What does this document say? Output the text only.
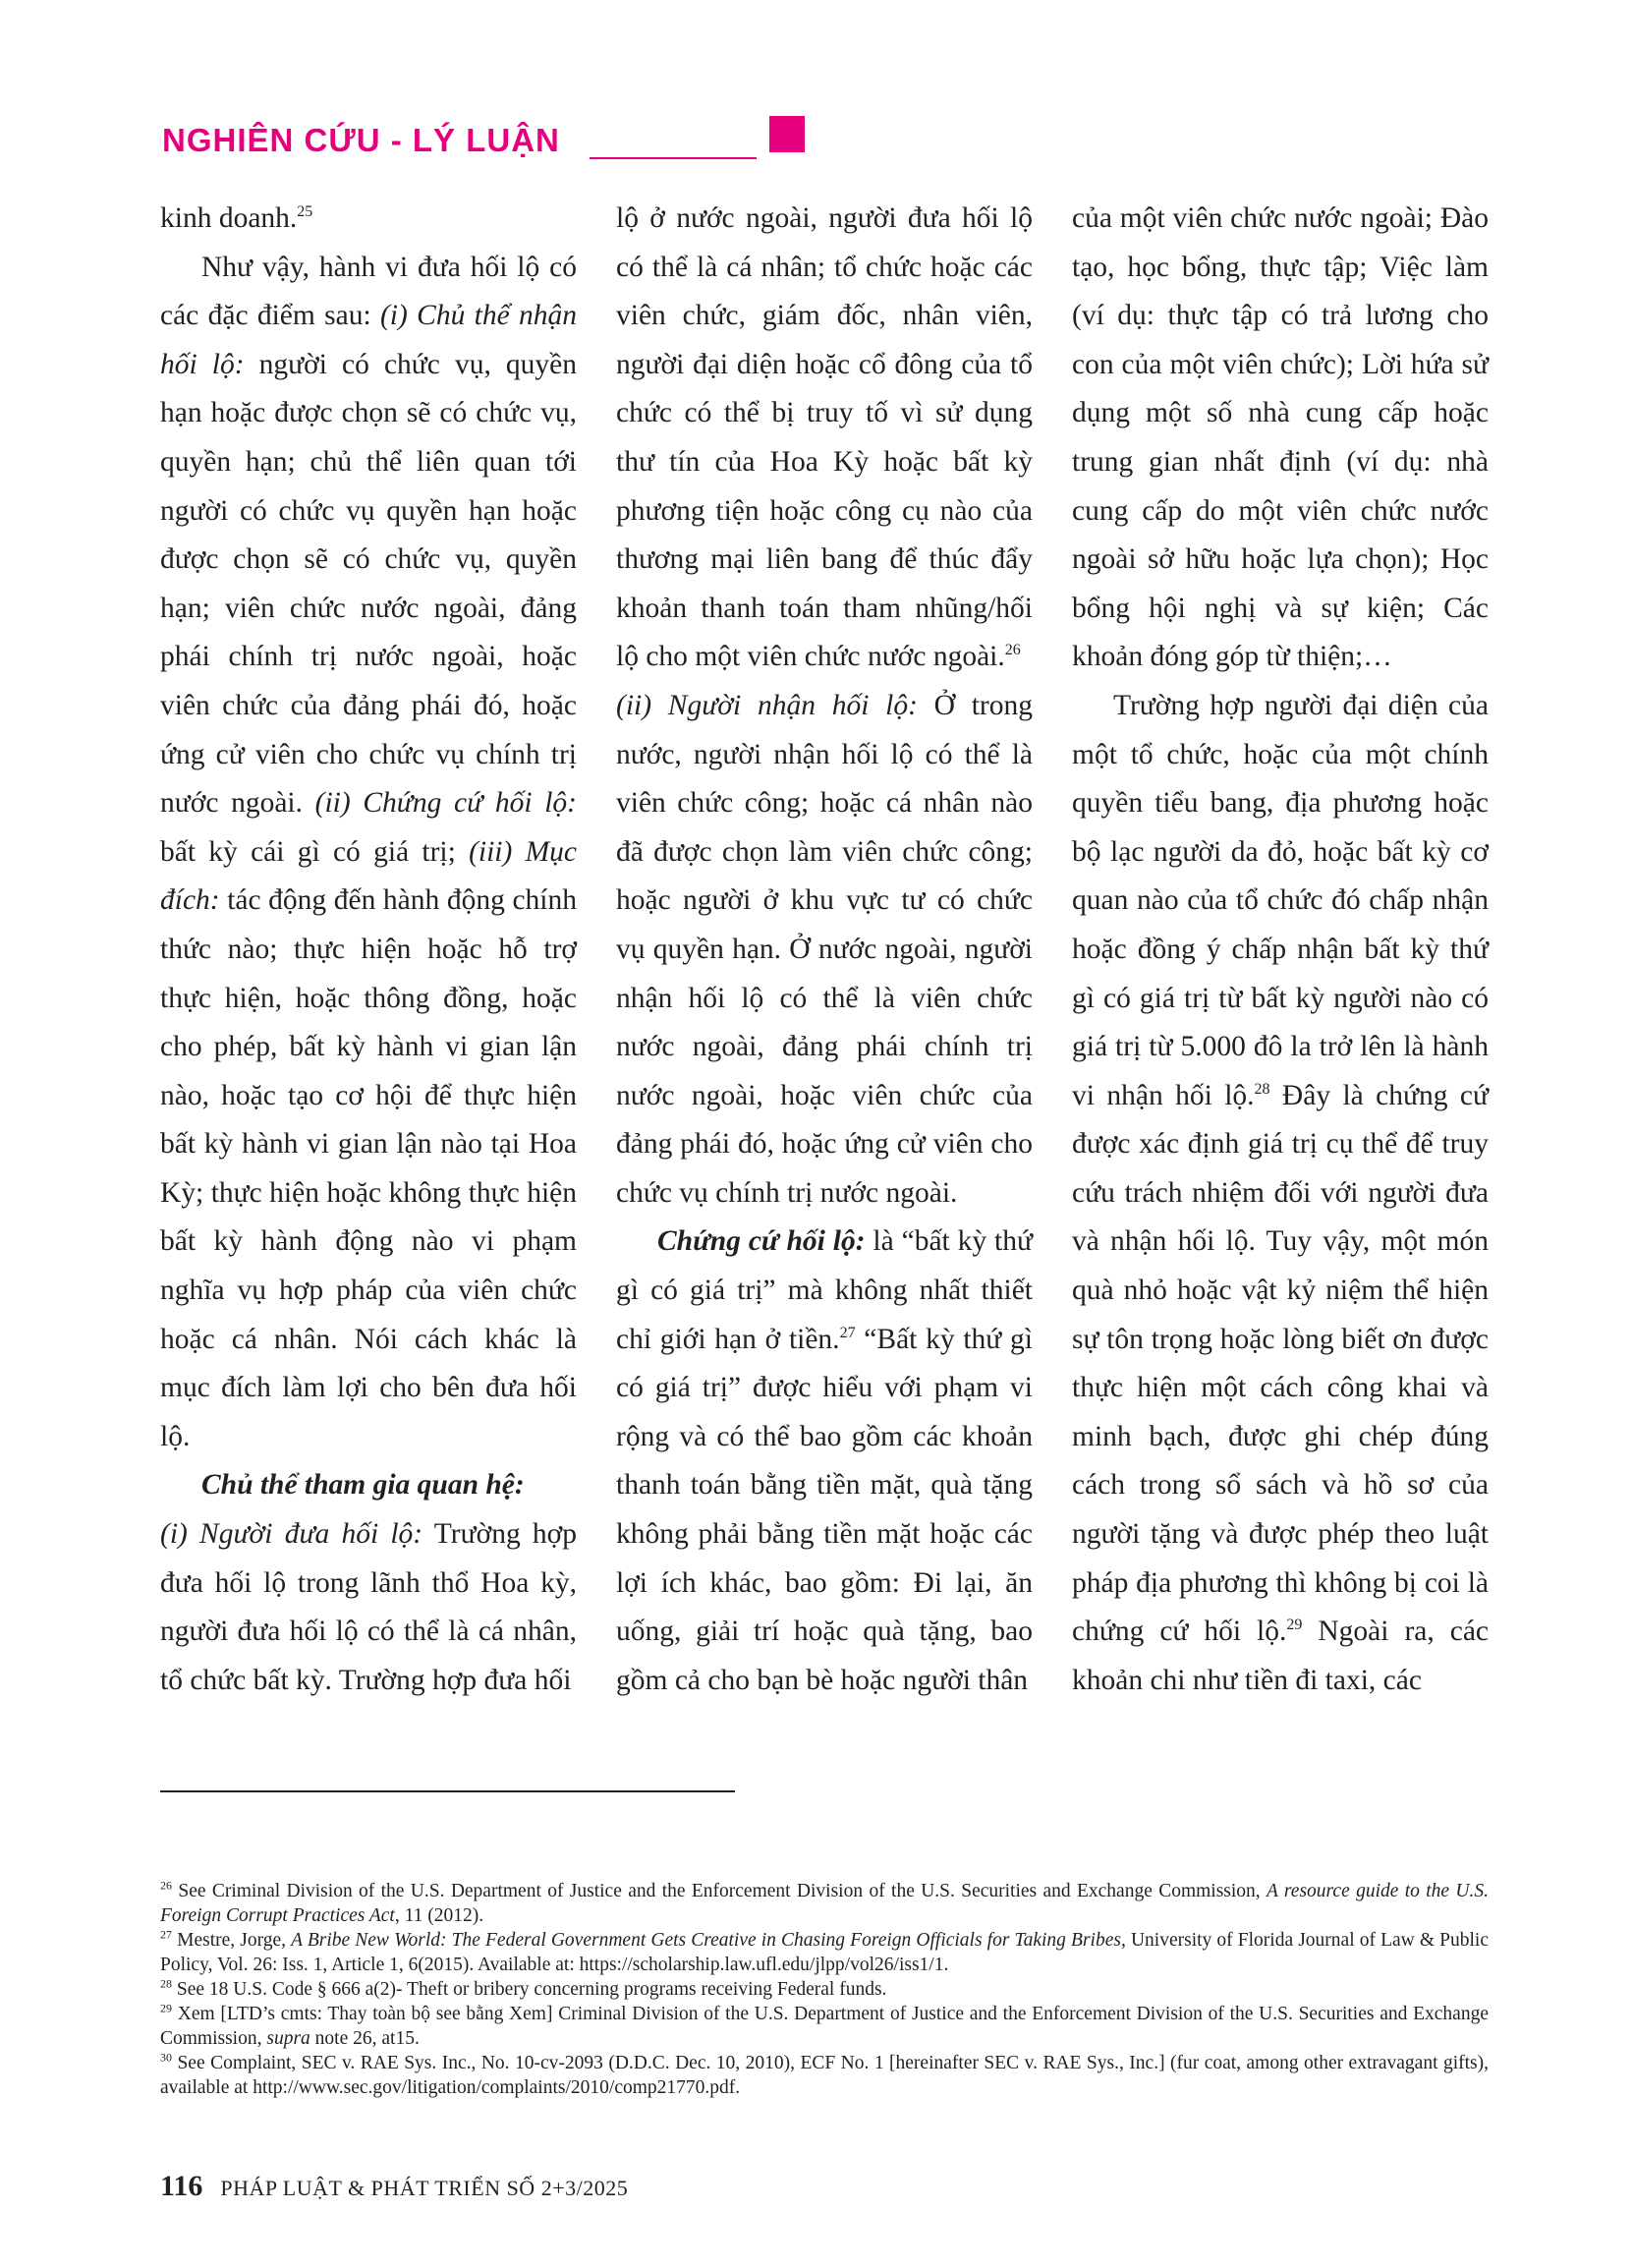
NGHIÊN CỨU - LÝ LUẬN

kinh doanh.$^{25}$

Như vậy, hành vi đưa hối lộ có các đặc điểm sau: (i) Chủ thể nhận hối lộ: người có chức vụ, quyền hạn hoặc được chọn sẽ có chức vụ, quyền hạn; chủ thể liên quan tới người có chức vụ quyền hạn hoặc được chọn sẽ có chức vụ, quyền hạn; viên chức nước ngoài, đảng phái chính trị nước ngoài, hoặc viên chức của đảng phái đó, hoặc ứng cử viên cho chức vụ chính trị nước ngoài. (ii) Chứng cứ hối lộ: bất kỳ cái gì có giá trị; (iii) Mục đích: tác động đến hành động chính thức nào; thực hiện hoặc hỗ trợ thực hiện, hoặc thông đồng, hoặc cho phép, bất kỳ hành vi gian lận nào, hoặc tạo cơ hội để thực hiện bất kỳ hành vi gian lận nào tại Hoa Kỳ; thực hiện hoặc không thực hiện bất kỳ hành động nào vi phạm nghĩa vụ hợp pháp của viên chức hoặc cá nhân. Nói cách khác là mục đích làm lợi cho bên đưa hối lộ.

Chủ thể tham gia quan hệ:
(i) Người đưa hối lộ: Trường hợp đưa hối lộ trong lãnh thổ Hoa kỳ, người đưa hối lộ có thể là cá nhân, tổ chức bất kỳ. Trường hợp đưa hối

lộ ở nước ngoài, người đưa hối lộ có thể là cá nhân; tổ chức hoặc các viên chức, giám đốc, nhân viên, người đại diện hoặc cổ đông của tổ chức có thể bị truy tố vì sử dụng thư tín của Hoa Kỳ hoặc bất kỳ phương tiện hoặc công cụ nào của thương mại liên bang để thúc đẩy khoản thanh toán tham nhũng/hối lộ cho một viên chức nước ngoài.$^{26}$

(ii) Người nhận hối lộ: Ở trong nước, người nhận hối lộ có thể là viên chức công; hoặc cá nhân nào đã được chọn làm viên chức công; hoặc người ở khu vực tư có chức vụ quyền hạn. Ở nước ngoài, người nhận hối lộ có thể là viên chức nước ngoài, đảng phái chính trị nước ngoài, hoặc viên chức của đảng phái đó, hoặc ứng cử viên cho chức vụ chính trị nước ngoài.

Chứng cứ hối lộ: là “bất kỳ thứ gì có giá trị” mà không nhất thiết chỉ giới hạn ở tiền.$^{27}$ “Bất kỳ thứ gì có giá trị” được hiểu với phạm vi rộng và có thể bao gồm các khoản thanh toán bằng tiền mặt, quà tặng không phải bằng tiền mặt hoặc các lợi ích khác, bao gồm: Đi lại, ăn uống, giải trí hoặc quà tặng, bao gồm cả cho bạn bè hoặc người thân

của một viên chức nước ngoài; Đào tạo, học bổng, thực tập; Việc làm (ví dụ: thực tập có trả lương cho con của một viên chức); Lời hứa sử dụng một số nhà cung cấp hoặc trung gian nhất định (ví dụ: nhà cung cấp do một viên chức nước ngoài sở hữu hoặc lựa chọn); Học bổng hội nghị và sự kiện; Các khoản đóng góp từ thiện;…

Trường hợp người đại diện của một tổ chức, hoặc của một chính quyền tiểu bang, địa phương hoặc bộ lạc người da đỏ, hoặc bất kỳ cơ quan nào của tổ chức đó chấp nhận hoặc đồng ý chấp nhận bất kỳ thứ gì có giá trị từ bất kỳ người nào có giá trị từ 5.000 đô la trở lên là hành vi nhận hối lộ.$^{28}$ Đây là chứng cứ được xác định giá trị cụ thể để truy cứu trách nhiệm đối với người đưa và nhận hối lộ. Tuy vậy, một món quà nhỏ hoặc vật kỷ niệm thể hiện sự tôn trọng hoặc lòng biết ơn được thực hiện một cách công khai và minh bạch, được ghi chép đúng cách trong sổ sách và hồ sơ của người tặng và được phép theo luật pháp địa phương thì không bị coi là chứng cứ hối lộ.$^{29}$ Ngoài ra, các khoản chi như tiền đi taxi, các

$^{26}$ See Criminal Division of the U.S. Department of Justice and the Enforcement Division of the U.S. Securities and Exchange Commission, A resource guide to the U.S. Foreign Corrupt Practices Act, 11 (2012).

$^{27}$ Mestre, Jorge, A Bribe New World: The Federal Government Gets Creative in Chasing Foreign Officials for Taking Bribes, University of Florida Journal of Law & Public Policy, Vol. 26: Iss. 1, Article 1, 6(2015). Available at: https://scholarship.law.ufl.edu/jlpp/vol26/iss1/1.

$^{28}$ See 18 U.S. Code § 666 a(2)- Theft or bribery concerning programs receiving Federal funds.

$^{29}$ Xem [LTD’s cmts: Thay toàn bộ see bằng Xem] Criminal Division of the U.S. Department of Justice and the Enforcement Division of the U.S. Securities and Exchange Commission, supra note 26, at15.

$^{30}$ See Complaint, SEC v. RAE Sys. Inc., No. 10-cv-2093 (D.D.C. Dec. 10, 2010), ECF No. 1 [hereinafter SEC v. RAE Sys., Inc.] (fur coat, among other extravagant gifts), available at http://www.sec.gov/litigation/complaints/2010/comp21770.pdf.

116 PHÁP LUẬT & PHÁT TRIỂN SỐ 2+3/2025
